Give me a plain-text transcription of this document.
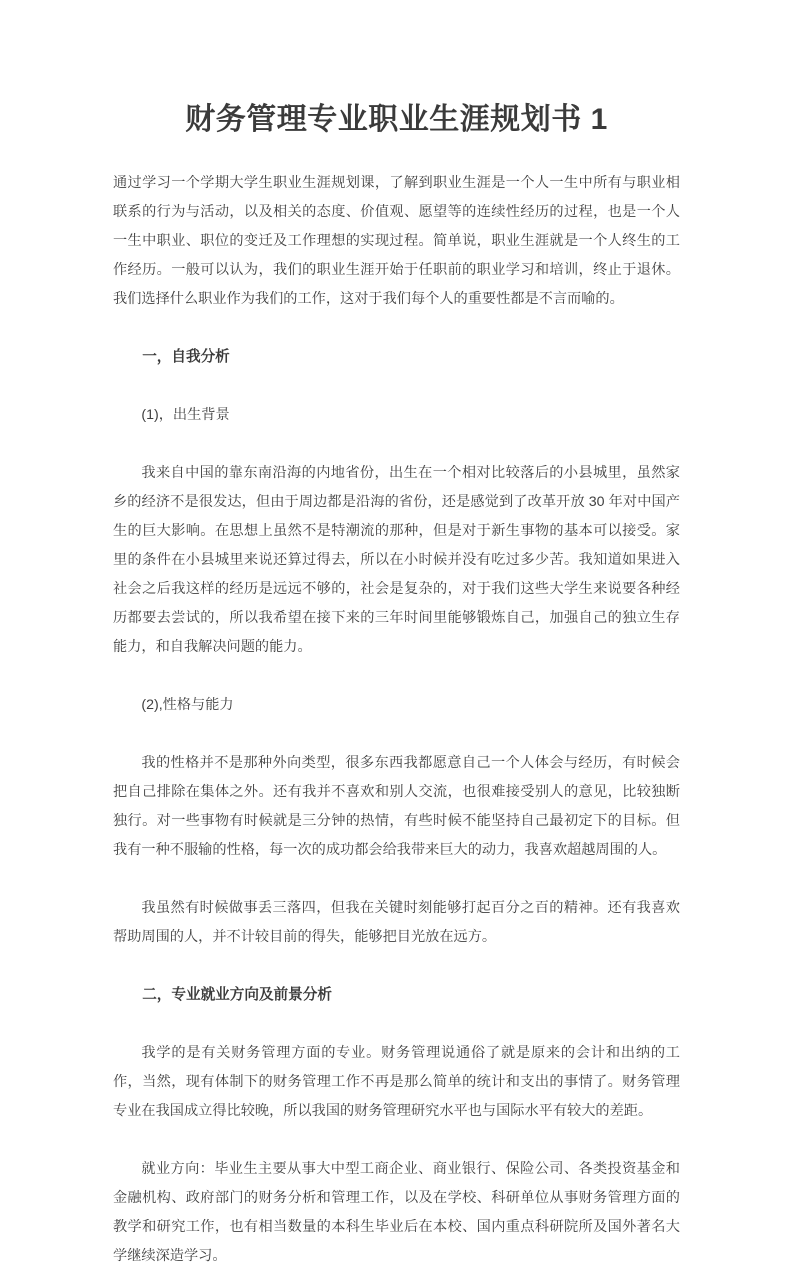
财务管理专业职业生涯规划书 1

通过学习一个学期大学生职业生涯规划课，了解到职业生涯是一个人一生中所有与职业相联系的行为与活动，以及相关的态度、价值观、愿望等的连续性经历的过程，也是一个人一生中职业、职位的变迁及工作理想的实现过程。简单说，职业生涯就是一个人终生的工作经历。一般可以认为，我们的职业生涯开始于任职前的职业学习和培训，终止于退休。我们选择什么职业作为我们的工作，这对于我们每个人的重要性都是不言而喻的。

一，自我分析

(1)，出生背景

我来自中国的靠东南沿海的内地省份，出生在一个相对比较落后的小县城里，虽然家乡的经济不是很发达，但由于周边都是沿海的省份，还是感觉到了改革开放 30 年对中国产生的巨大影响。在思想上虽然不是特潮流的那种，但是对于新生事物的基本可以接受。家里的条件在小县城里来说还算过得去，所以在小时候并没有吃过多少苦。我知道如果进入社会之后我这样的经历是远远不够的，社会是复杂的，对于我们这些大学生来说要各种经历都要去尝试的，所以我希望在接下来的三年时间里能够锻炼自己，加强自己的独立生存能力，和自我解决问题的能力。

(2),性格与能力

我的性格并不是那种外向类型，很多东西我都愿意自己一个人体会与经历，有时候会把自己排除在集体之外。还有我并不喜欢和别人交流，也很难接受别人的意见，比较独断独行。对一些事物有时候就是三分钟的热情，有些时候不能坚持自己最初定下的目标。但我有一种不服输的性格，每一次的成功都会给我带来巨大的动力，我喜欢超越周围的人。

我虽然有时候做事丢三落四，但我在关键时刻能够打起百分之百的精神。还有我喜欢帮助周围的人，并不计较目前的得失，能够把目光放在远方。

二，专业就业方向及前景分析

我学的是有关财务管理方面的专业。财务管理说通俗了就是原来的会计和出纳的工作，当然，现有体制下的财务管理工作不再是那么简单的统计和支出的事情了。财务管理专业在我国成立得比较晚，所以我国的财务管理研究水平也与国际水平有较大的差距。

就业方向：毕业生主要从事大中型工商企业、商业银行、保险公司、各类投资基金和金融机构、政府部门的财务分析和管理工作，以及在学校、科研单位从事财务管理方面的教学和研究工作，也有相当数量的本科生毕业后在本校、国内重点科研院所及国外著名大学继续深造学习。
